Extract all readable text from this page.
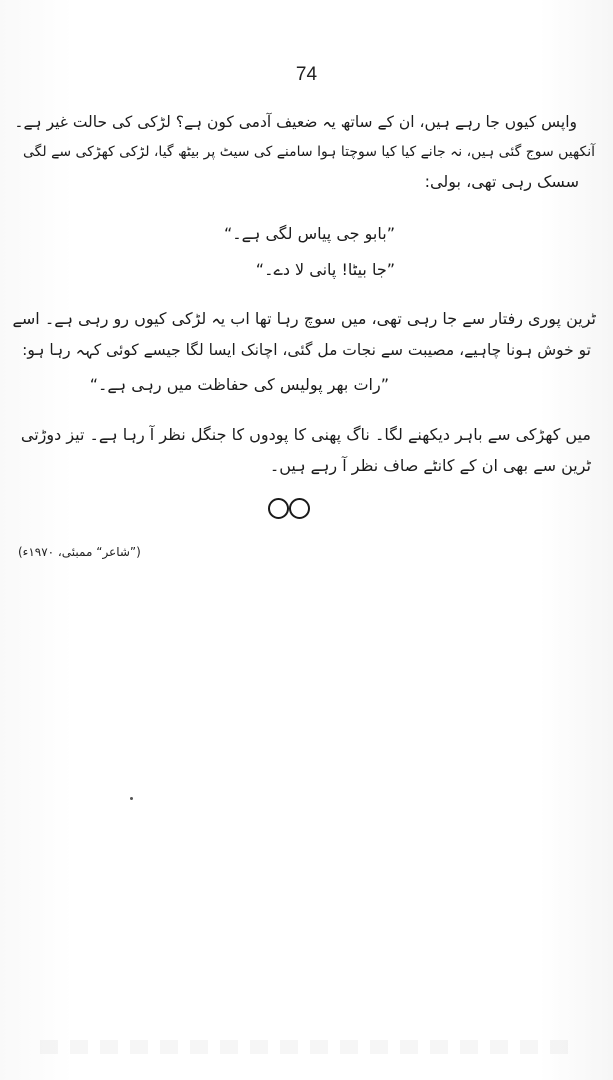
74
واپس کیوں جا رہے ہیں، ان کے ساتھ یہ ضعیف آدمی کون ہے؟ لڑکی کی حالت غیر ہے۔
آنکھیں سوج گئی ہیں، نہ جانے کیا کیا سوچتا ہوا سامنے کی سیٹ پر بیٹھ گیا، لڑکی کھڑکی سے لگی
سسک رہی تھی، بولی:
”بابو جی پیاس لگی ہے۔“
”جا بیٹا! پانی لا دے۔“
ٹرین پوری رفتار سے جا رہی تھی، میں سوچ رہا تھا اب یہ لڑکی کیوں رو رہی ہے۔ اسے
تو خوش ہونا چاہیے، مصیبت سے نجات مل گئی، اچانک ایسا لگا جیسے کوئی کہہ رہا ہو:
”رات بھر پولیس کی حفاظت میں رہی ہے۔“
میں کھڑکی سے باہر دیکھنے لگا۔ ناگ پھنی کا پودوں کا جنگل نظر آ رہا ہے۔ تیز دوڑتی
ٹرین سے بھی ان کے کانٹے صاف نظر آ رہے ہیں۔
(”شاعر“ ممبئی، ۱۹۷۰ء)
